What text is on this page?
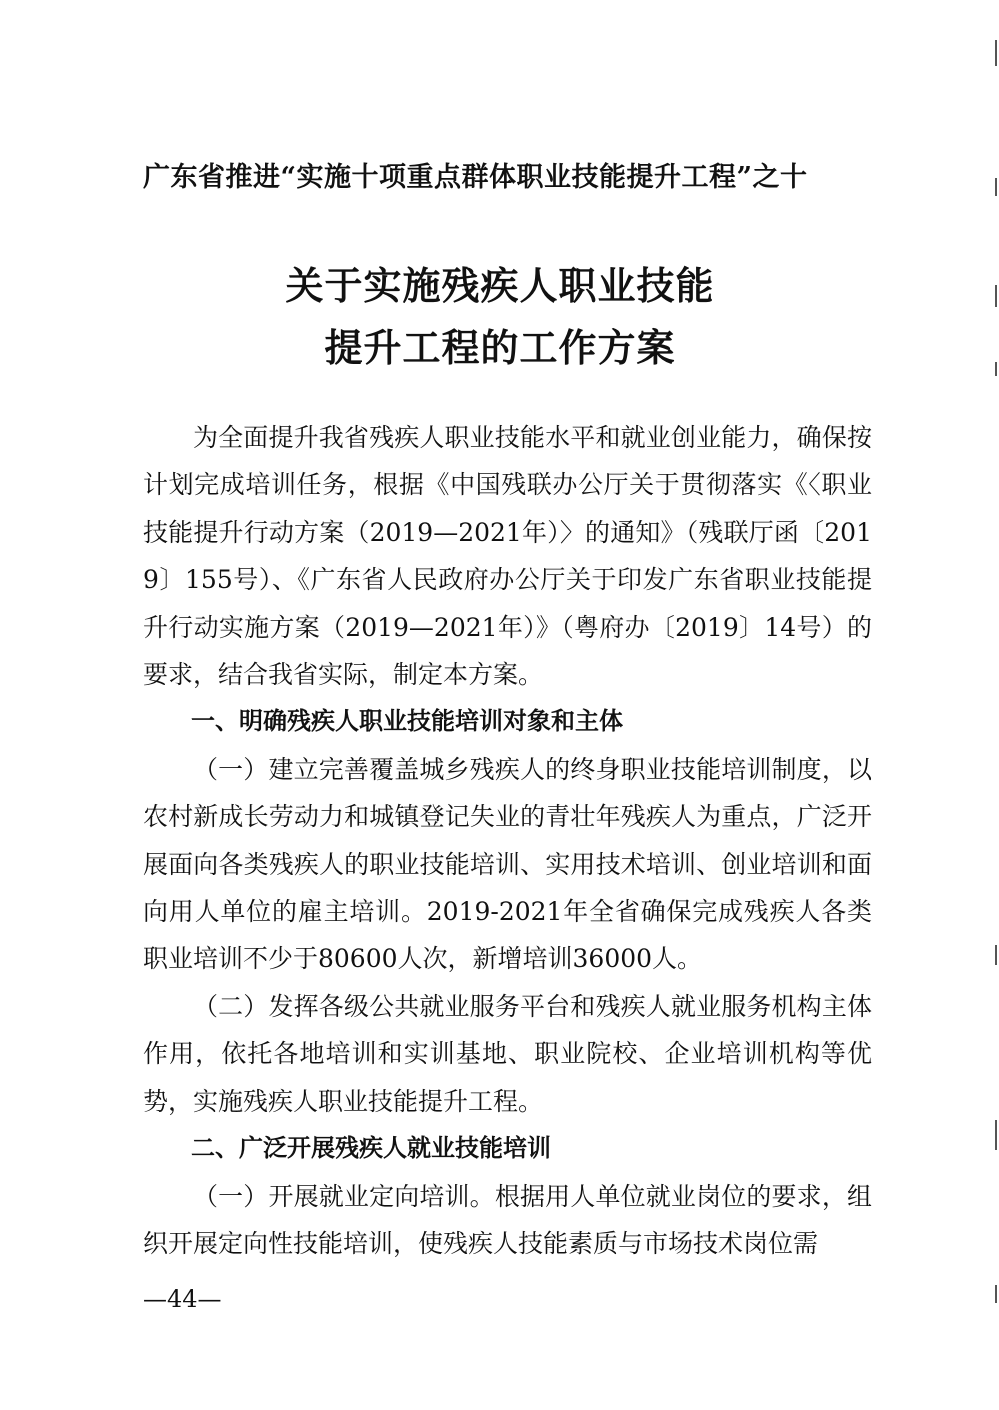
广东省推进“实施十项重点群体职业技能提升工程”之十
关于实施残疾人职业技能
提升工程的工作方案

为全面提升我省残疾人职业技能水平和就业创业能力，确保按计划完成培训任务，根据《中国残联办公厅关于贯彻落实《〈职业技能提升行动方案（2019—2021年）〉的通知》（残联厅函〔2019〕155号）、《广东省人民政府办公厅关于印发广东省职业技能提升行动实施方案（2019—2021年）》（粤府办〔2019〕14号）的要求，结合我省实际，制定本方案。

一、明确残疾人职业技能培训对象和主体

（一）建立完善覆盖城乡残疾人的终身职业技能培训制度，以农村新成长劳动力和城镇登记失业的青壮年残疾人为重点，广泛开展面向各类残疾人的职业技能培训、实用技术培训、创业培训和面向用人单位的雇主培训。2019-2021年全省确保完成残疾人各类职业培训不少于80600人次，新增培训36000人。

（二）发挥各级公共就业服务平台和残疾人就业服务机构主体作用，依托各地培训和实训基地、职业院校、企业培训机构等优势，实施残疾人职业技能提升工程。

二、广泛开展残疾人就业技能培训

（一）开展就业定向培训。根据用人单位就业岗位的要求，组织开展定向性技能培训，使残疾人技能素质与市场技术岗位需

—44—
